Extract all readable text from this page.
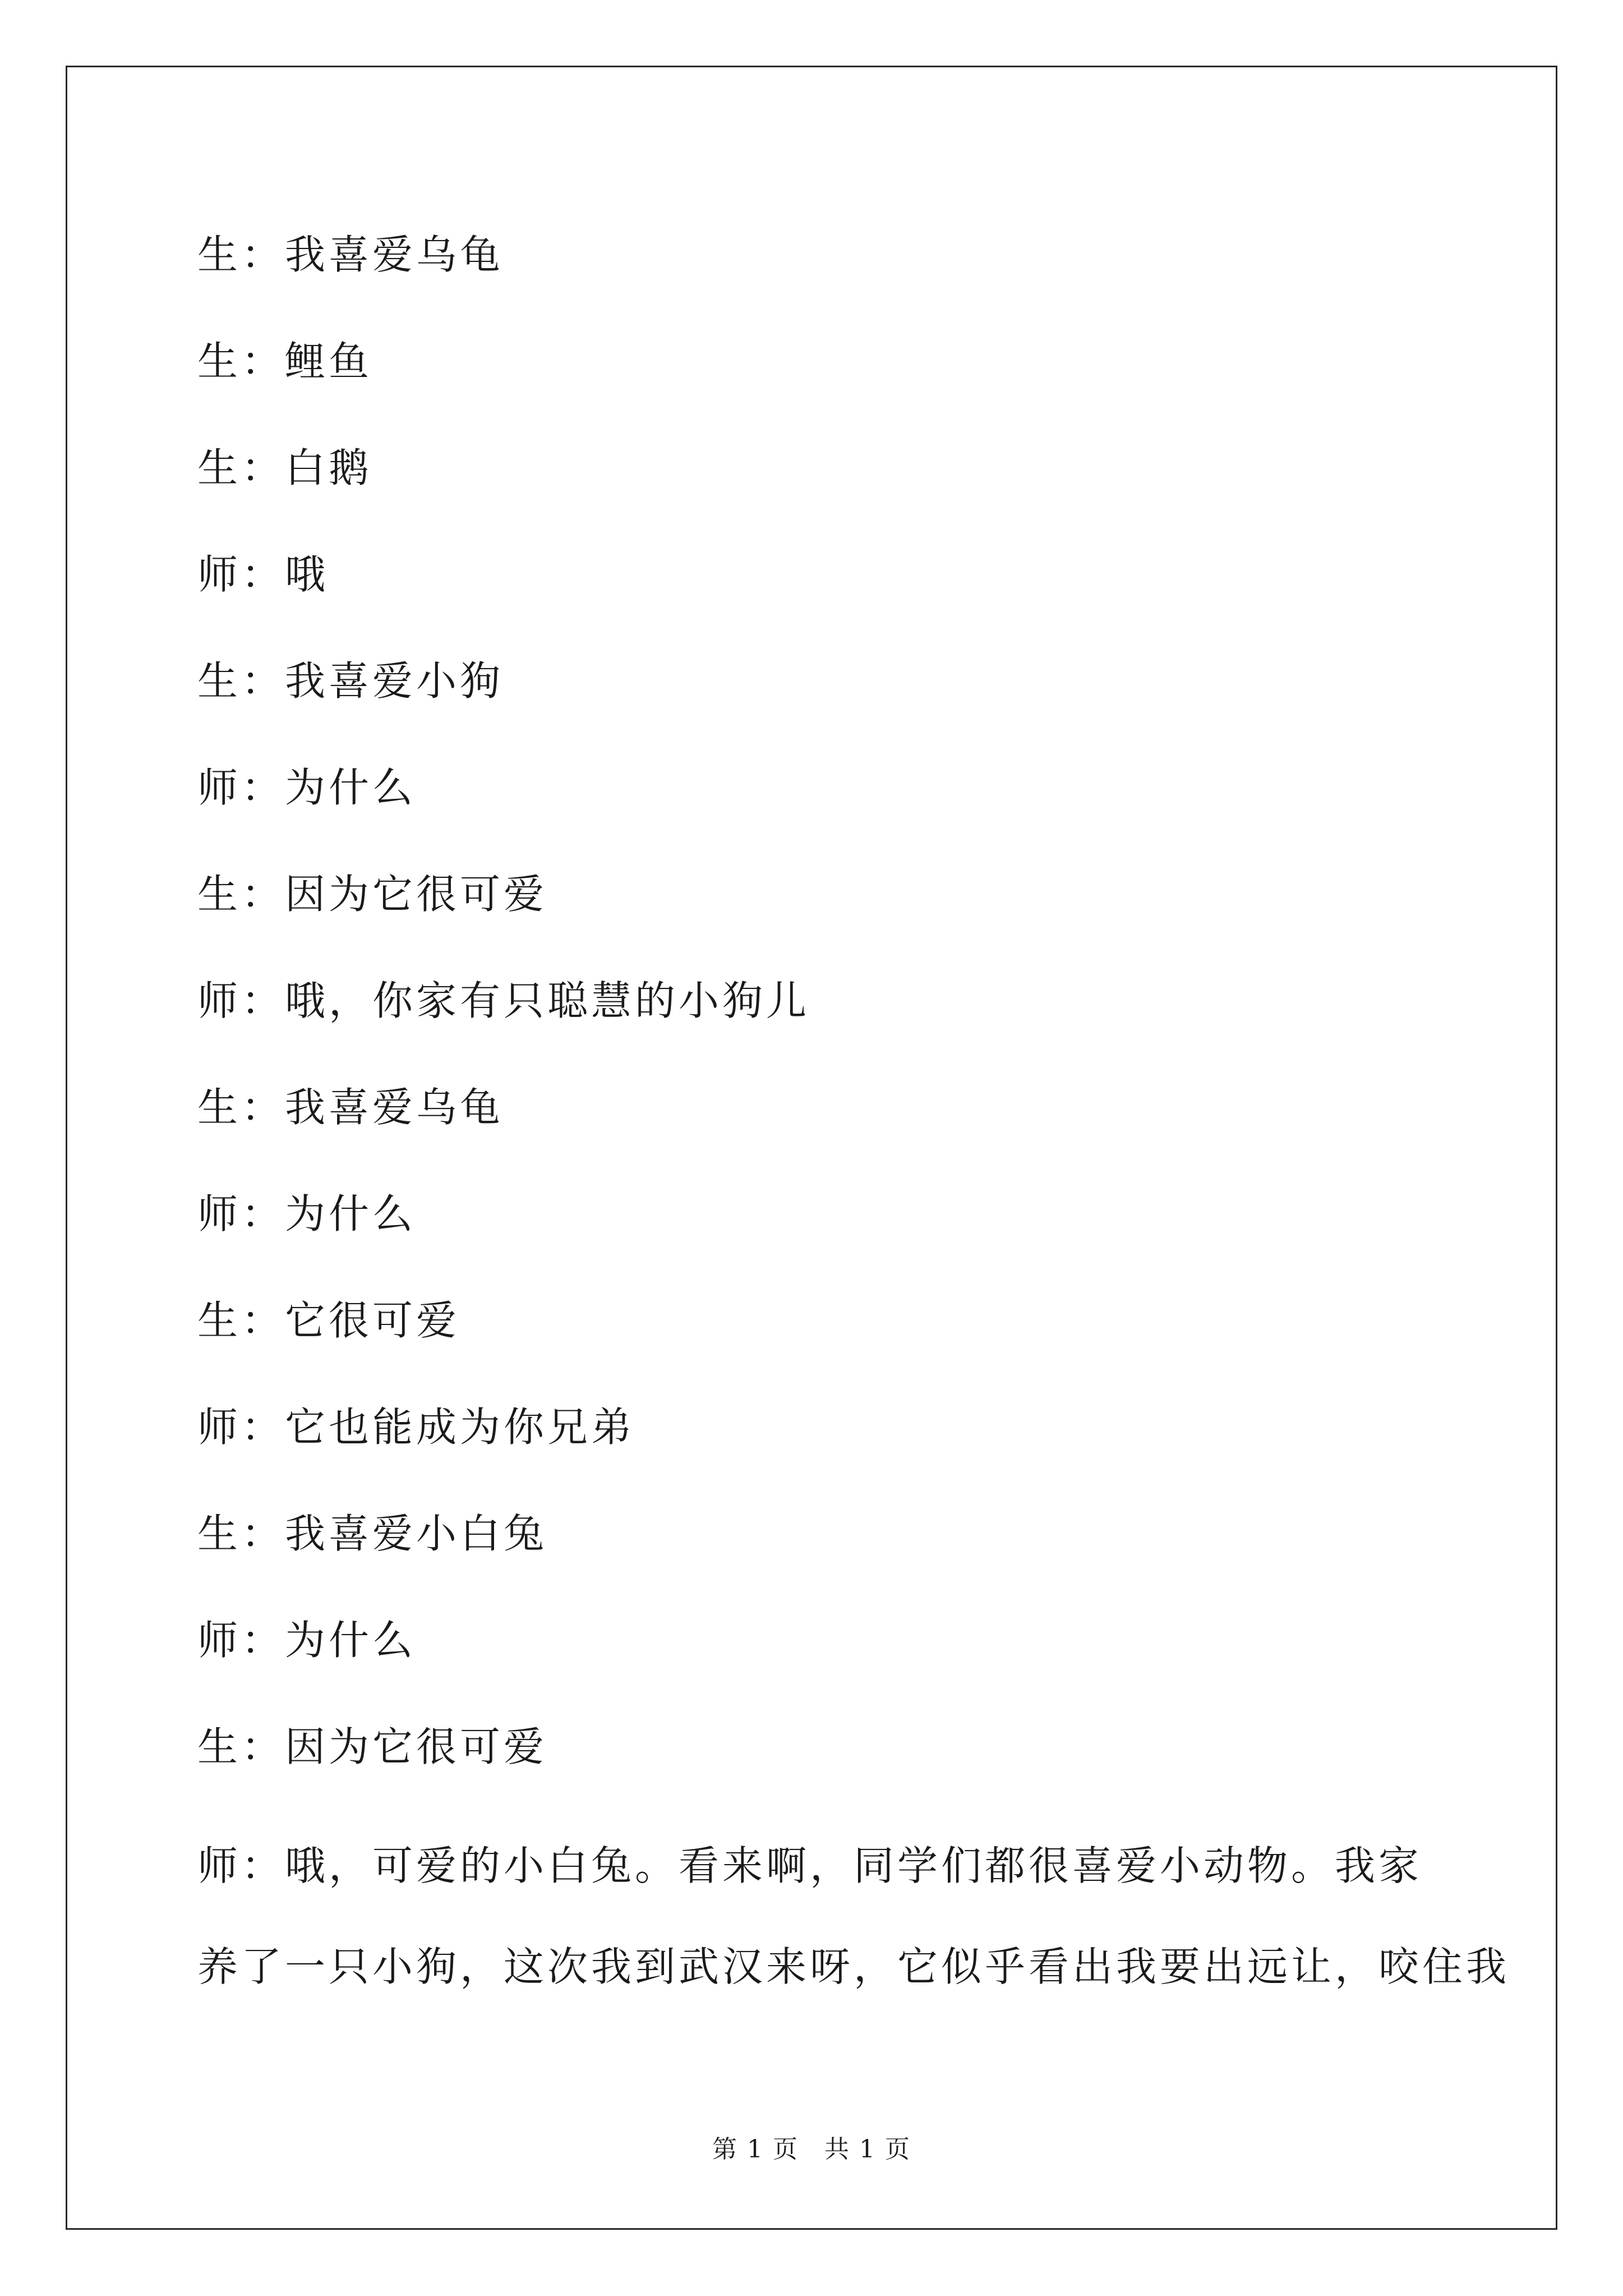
生：我喜爱乌龟
生：鲤鱼
生：白鹅
师：哦
生：我喜爱小狗
师：为什么
生：因为它很可爱
师：哦，你家有只聪慧的小狗儿
生：我喜爱乌龟
师：为什么
生：它很可爱
师：它也能成为你兄弟
生：我喜爱小白兔
师：为什么
生：因为它很可爱
师：哦，可爱的小白兔。看来啊，同学们都很喜爱小动物。我家
养了一只小狗，这次我到武汉来呀，它似乎看出我要出远让，咬住我
第 1 页　共 1 页
